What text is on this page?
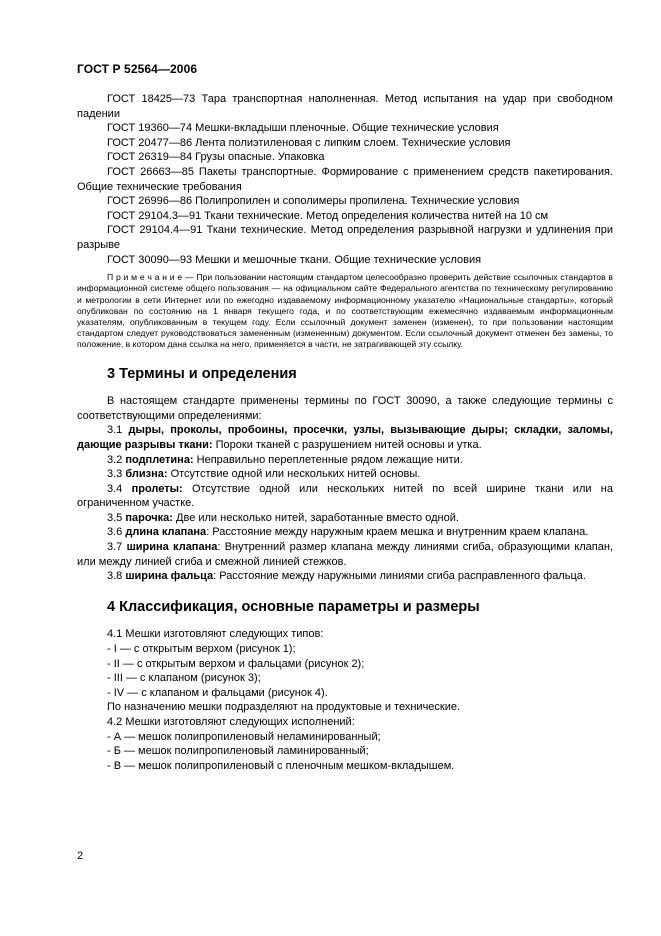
ГОСТ Р 52564—2006

ГОСТ 18425—73 Тара транспортная наполненная. Метод испытания на удар при свободном падении

ГОСТ 19360—74 Мешки-вкладыши пленочные. Общие технические условия

ГОСТ 20477—86 Лента полиэтиленовая с липким слоем. Технические условия

ГОСТ 26319—84 Грузы опасные. Упаковка

ГОСТ 26663—85 Пакеты транспортные. Формирование с применением средств пакетирования. Общие технические требования

ГОСТ 26996—86 Полипропилен и сополимеры пропилена. Технические условия

ГОСТ 29104.3—91 Ткани технические. Метод определения количества нитей на 10 см

ГОСТ 29104.4—91 Ткани технические. Метод определения разрывной нагрузки и удлинения при разрыве

ГОСТ 30090—93 Мешки и мешочные ткани. Общие технические условия

П р и м е ч а н и е — При пользовании настоящим стандартом целесообразно проверить действие ссылочных стандартов в информационной системе общего пользования — на официальном сайте Федерального агентства по техническому регулированию и метрологии в сети Интернет или по ежегодно издаваемому информационному указателю «Национальные стандарты», который опубликован по состоянию на 1 января текущего года, и по соответствующим ежемесячно издаваемым информационным указателям, опубликованным в текущем году. Если ссылочный документ заменен (изменен), то при пользовании настоящим стандартом следует руководствоваться замененным (измененным) документом. Если ссылочный документ отменен без замены, то положение, в котором дана ссылка на него, применяется в части, не затрагивающей эту ссылку.

3 Термины и определения

В настоящем стандарте применены термины по ГОСТ 30090, а также следующие термины с соответствующими определениями:

3.1 дыры, проколы, пробоины, просечки, узлы, вызывающие дыры; складки, заломы, дающие разрывы ткани: Пороки тканей с разрушением нитей основы и утка.

3.2 подплетина: Неправильно переплетенные рядом лежащие нити.

3.3 близна: Отсутствие одной или нескольких нитей основы.

3.4 пролеты: Отсутствие одной или нескольких нитей по всей ширине ткани или на ограниченном участке.

3.5 парочка: Две или несколько нитей, заработанные вместо одной.

3.6 длина клапана: Расстояние между наружным краем мешка и внутренним краем клапана.

3.7 ширина клапана: Внутренний размер клапана между линиями сгиба, образующими клапан, или между линией сгиба и смежной линией стежков.

3.8 ширина фальца: Расстояние между наружными линиями сгиба расправленного фальца.

4 Классификация, основные параметры и размеры

4.1 Мешки изготовляют следующих типов:

- I — с открытым верхом (рисунок 1);

- II — с открытым верхом и фальцами (рисунок 2);

- III — с клапаном (рисунок 3);

- IV — с клапаном и фальцами (рисунок 4).

По назначению мешки подразделяют на продуктовые и технические.

4.2 Мешки изготовляют следующих исполнений:

- А — мешок полипропиленовый неламинированный;

- Б — мешок полипропиленовый ламинированный;

- В — мешок полипропиленовый с пленочным мешком-вкладышем.

2
